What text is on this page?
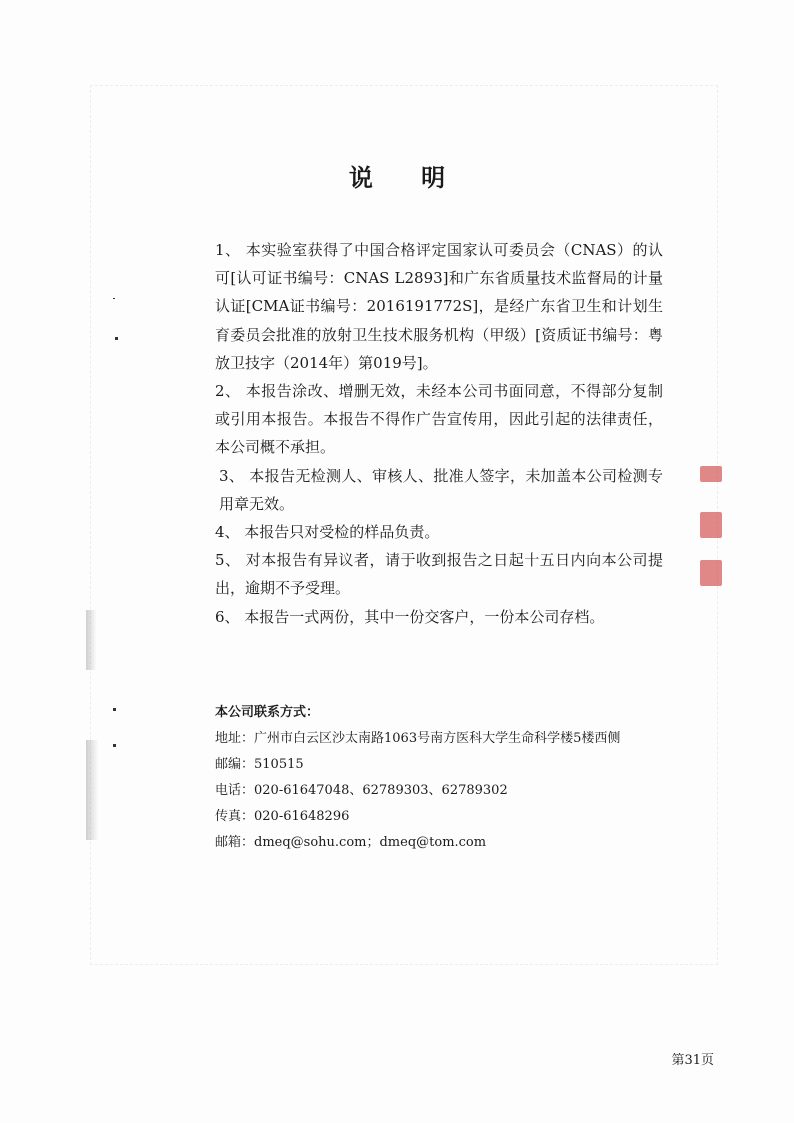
说 明

1、 本实验室获得了中国合格评定国家认可委员会（CNAS）的认可[认可证书编号：CNAS L2893]和广东省质量技术监督局的计量认证[CMA证书编号：2016191772S]，是经广东省卫生和计划生育委员会批准的放射卫生技术服务机构（甲级）[资质证书编号：粤放卫技字（2014年）第019号]。

2、 本报告涂改、增删无效，未经本公司书面同意，不得部分复制或引用本报告。本报告不得作广告宣传用，因此引起的法律责任，本公司概不承担。

3、 本报告无检测人、审核人、批准人签字，未加盖本公司检测专用章无效。

4、 本报告只对受检的样品负责。

5、 对本报告有异议者，请于收到报告之日起十五日内向本公司提出，逾期不予受理。

6、 本报告一式两份，其中一份交客户，一份本公司存档。

本公司联系方式：
地址：广州市白云区沙太南路1063号南方医科大学生命科学楼5楼西侧
邮编：510515
电话：020-61647048、62789303、62789302
传真：020-61648296
邮箱：dmeq@sohu.com；dmeq@tom.com
第31页
